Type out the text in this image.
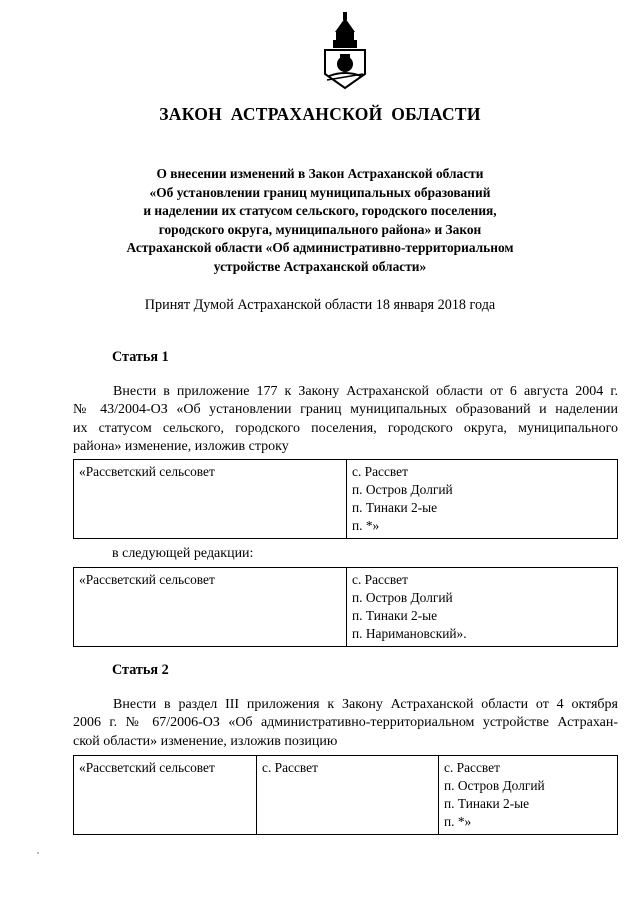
ЗАКОН АСТРАХАНСКОЙ ОБЛАСТИ
О внесении изменений в Закон Астраханской области
«Об установлении границ муниципальных образований
и наделении их статусом сельского, городского поселения,
городского округа, муниципального района» и Закон
Астраханской области «Об административно-территориальном
устройстве Астраханской области»
Принят Думой Астраханской области 18 января 2018 года
Статья 1
Внести в приложение 177 к Закону Астраханской области от 6 августа 2004 г.
№ 43/2004-ОЗ «Об установлении границ муниципальных образований и наделении
их статусом сельского, городского поселения, городского округа, муниципального
района» изменение, изложив строку
«Рассветский сельсовет	с. Рассвет
п. Остров Долгий
п. Тинаки 2-ые
п. *»
в следующей редакции:
«Рассветский сельсовет	с. Рассвет
п. Остров Долгий
п. Тинаки 2-ые
п. Наримановский».
Статья 2
Внести в раздел III приложения к Закону Астраханской области от 4 октября
2006 г. № 67/2006-ОЗ «Об административно-территориальном устройстве Астрахан-
ской области» изменение, изложив позицию
«Рассветский сельсовет	с. Рассвет	с. Рассвет
п. Остров Долгий
п. Тинаки 2-ые
п. *»
